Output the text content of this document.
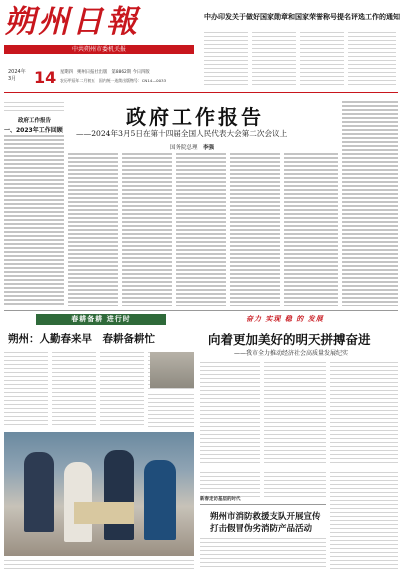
朔州日報
中共朔州市委机关报
2024年
3月	14 星期四　朔州日报社出版　第8862期 今日四版
农历甲辰年二月初五　国内统一连续出版物号：CN14—0033
中办印发关于做好国家勋章和国家荣誉称号提名评选工作的通知
政府工作报告
一、2023年工作回顾
政府工作报告
——2024年3月5日在第十四届全国人民代表大会第二次会议上
国务院总理　 李强
春耕备耕 进行时
朔州：人勤春来早　春耕备耕忙
奋力 实现 稳 的 发展
向着更加美好的明天拼搏奋进
——我市全力推动经济社会高质量发展纪实
新春走访基层的时代
朔州市消防救援支队开展宣传
打击假冒伪劣消防产品活动
